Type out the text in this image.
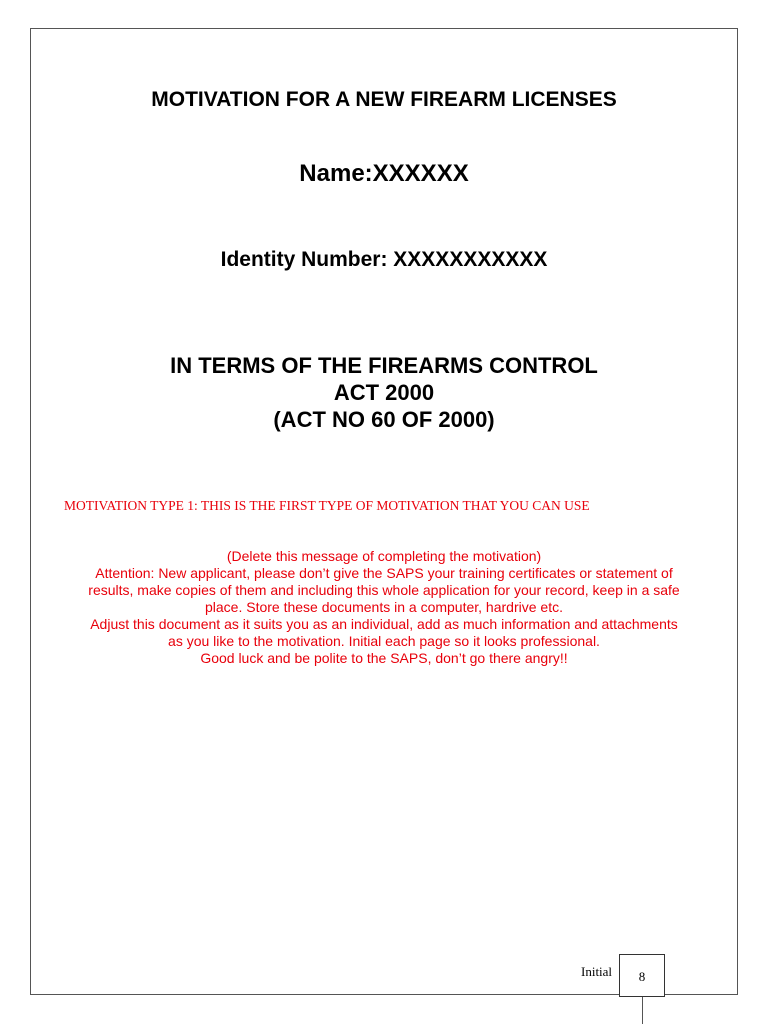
MOTIVATION FOR A NEW FIREARM LICENSES
Name:XXXXXX
Identity Number: XXXXXXXXXXX
IN TERMS OF THE FIREARMS CONTROL
ACT 2000
(ACT NO 60 OF 2000)
MOTIVATION TYPE 1: THIS IS THE FIRST TYPE OF MOTIVATION THAT YOU CAN USE
(Delete this message of completing the motivation)
Attention: New applicant, please don’t give the SAPS your training certificates or statement of
results, make copies of them and including this whole application for your record, keep in a safe
place. Store these documents in a computer, hardrive etc.
Adjust this document as it suits you as an individual, add as much information and attachments
as you like to the motivation. Initial each page so it looks professional.
Good luck and be polite to the SAPS, don’t go there angry!!
Initial	8
